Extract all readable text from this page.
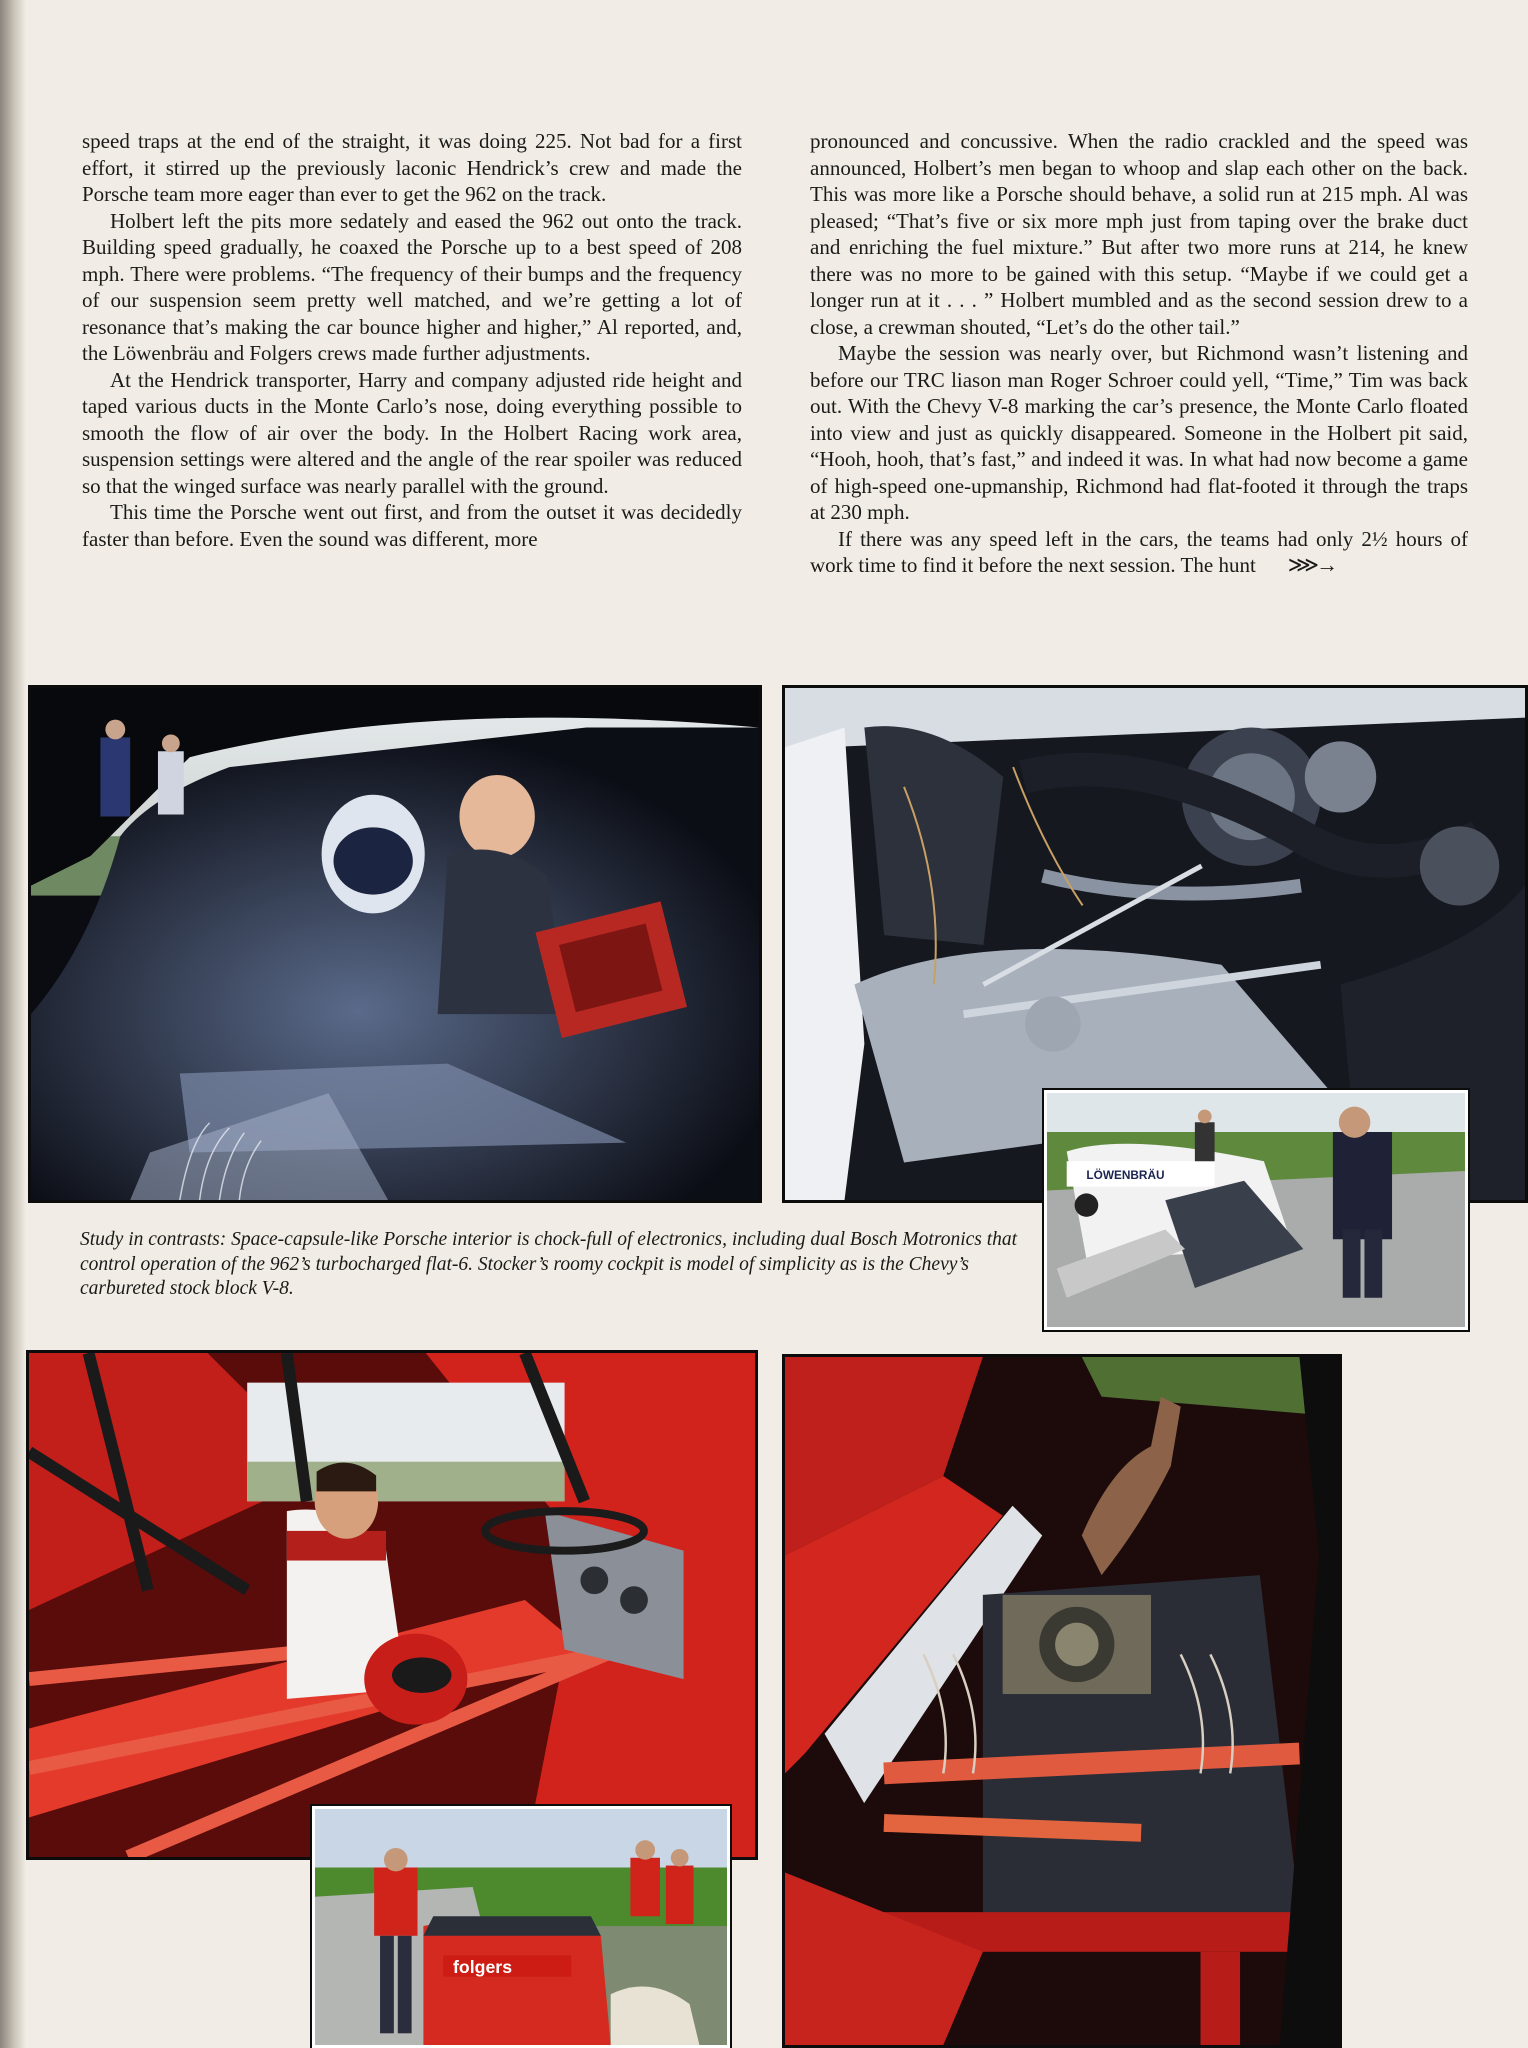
speed traps at the end of the straight, it was doing 225. Not bad for a first effort, it stirred up the previously laconic Hendrick’s crew and made the Porsche team more eager than ever to get the 962 on the track.

Holbert left the pits more sedately and eased the 962 out onto the track. Building speed gradually, he coaxed the Porsche up to a best speed of 208 mph. There were problems. “The frequency of their bumps and the frequency of our suspension seem pretty well matched, and we’re getting a lot of resonance that’s making the car bounce higher and higher,” Al reported, and, the Löwenbräu and Folgers crews made further adjustments.

At the Hendrick transporter, Harry and company adjusted ride height and taped various ducts in the Monte Carlo’s nose, doing everything possible to smooth the flow of air over the body. In the Holbert Racing work area, suspension settings were altered and the angle of the rear spoiler was reduced so that the winged surface was nearly parallel with the ground.

This time the Porsche went out first, and from the outset it was decidedly faster than before. Even the sound was different, more

pronounced and concussive. When the radio crackled and the speed was announced, Holbert’s men began to whoop and slap each other on the back. This was more like a Porsche should behave, a solid run at 215 mph. Al was pleased; “That’s five or six more mph just from taping over the brake duct and enriching the fuel mixture.” But after two more runs at 214, he knew there was no more to be gained with this setup. “Maybe if we could get a longer run at it . . . ” Holbert mumbled and as the second session drew to a close, a crewman shouted, “Let’s do the other tail.”

Maybe the session was nearly over, but Richmond wasn’t listening and before our TRC liason man Roger Schroer could yell, “Time,” Tim was back out. With the Chevy V-8 marking the car’s presence, the Monte Carlo floated into view and just as quickly disappeared. Someone in the Holbert pit said, “Hooh, hooh, that’s fast,” and indeed it was. In what had now become a game of high-speed one-upmanship, Richmond had flat-footed it through the traps at 230 mph.

If there was any speed left in the cars, the teams had only 2½ hours of work time to find it before the next session. The hunt ⋙→

LÖWENBRÄU
Study in contrasts: Space-capsule-like Porsche interior is chock-full of electronics, including dual Bosch Motronics that control operation of the 962’s turbocharged flat-6. Stocker’s roomy cockpit is model of simplicity as is the Chevy’s carbureted stock block V-8.
folgers
